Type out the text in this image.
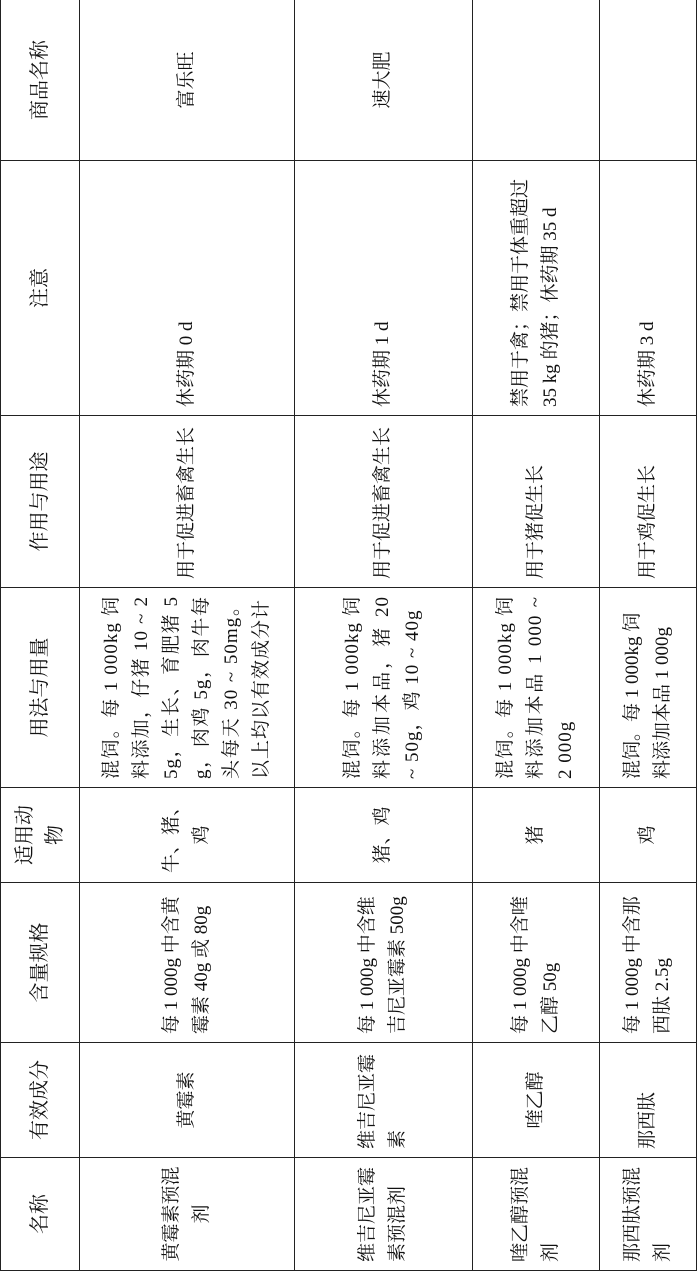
名称	有效成分	含量规格	适用动物	用法与用量	作用与用途	注意	商品名称
黄霉素预混剂	黄霉素	每 1 000g 中含黄霉素 40g 或 80g	牛、猪、鸡	混饲。每 1 000kg 饲料添加，仔猪 10 ~ 25g，生长、育肥猪 5g，肉鸡 5g，肉牛每头每天 30 ~ 50mg。以上均以有效成分计	用于促进畜禽生长	休药期 0 d	富乐旺
维吉尼亚霉素预混剂	维吉尼亚霉素	每 1 000g 中含维吉尼亚霉素 500g	猪、鸡	混饲。每 1 000kg 饲料添加本品，猪 20 ~ 50g，鸡 10 ~ 40g	用于促进畜禽生长	休药期 1 d	速大肥
喹乙醇预混剂	喹乙醇	每 1 000g 中含喹乙醇 50g	猪	混饲。每 1 000kg 饲料添加本品 1 000 ~ 2 000g	用于猪促生长	禁用于禽；禁用于体重超过 35 kg 的猪；休药期 35 d	
那西肽预混剂	那西肽	每 1 000g 中含那西肽 2.5g	鸡	混饲。每 1 000kg 饲料添加本品 1 000g	用于鸡促生长	休药期 3 d	
